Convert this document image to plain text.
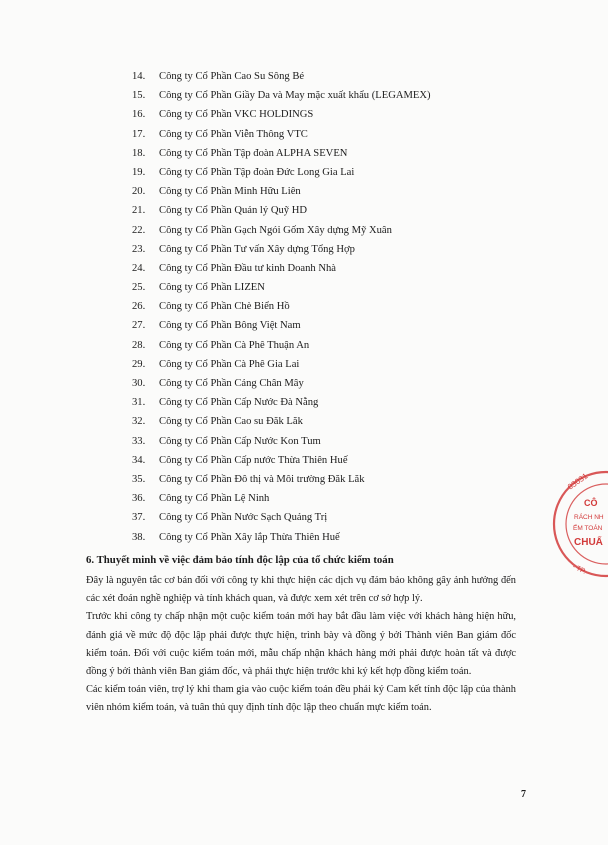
14.	Công ty Cổ Phần Cao Su Sông Bé
15.	Công ty Cổ Phần Giầy Da và May mặc xuất khẩu (LEGAMEX)
16.	Công ty Cổ Phần VKC HOLDINGS
17.	Công ty Cổ Phần Viễn Thông VTC
18.	Công ty Cổ Phần Tập đoàn ALPHA SEVEN
19.	Công ty Cổ Phần Tập đoàn Đức Long Gia Lai
20.	Công ty Cổ Phần Minh Hữu Liên
21.	Công ty Cổ Phần Quản lý Quỹ HD
22.	Công ty Cổ Phần Gạch Ngói Gốm Xây dựng Mỹ Xuân
23.	Công ty Cổ Phần Tư vấn Xây dựng Tổng Hợp
24.	Công ty Cổ Phần Đầu tư kinh Doanh Nhà
25.	Công ty Cổ Phần LIZEN
26.	Công ty Cổ Phần Chè Biển Hồ
27.	Công ty Cổ Phần Bông Việt Nam
28.	Công ty Cổ Phần Cà Phê Thuận An
29.	Công ty Cổ Phần Cà Phê Gia Lai
30.	Công ty Cổ Phần Cảng Chân Mây
31.	Công ty Cổ Phần Cấp Nước Đà Nẵng
32.	Công ty Cổ Phần Cao su Đăk Lăk
33.	Công ty Cổ Phần Cấp Nước Kon Tum
34.	Công ty Cổ Phần Cấp nước Thừa Thiên Huế
35.	Công ty Cổ Phần Đô thị và Môi trường Đăk Lăk
36.	Công ty Cổ Phần Lệ Ninh
37.	Công ty Cổ Phần Nước Sạch Quảng Trị
38.	Công ty Cổ Phần Xây lắp Thừa Thiên Huế

6. Thuyết minh về việc đảm bảo tính độc lập của tổ chức kiểm toán

Đây là nguyên tắc cơ bản đối với công ty khi thực hiện các dịch vụ đảm bảo không gây ảnh hưởng đến các xét đoán nghề nghiệp và tính khách quan, và được xem xét trên cơ sở hợp lý.

Trước khi công ty chấp nhận một cuộc kiểm toán mới hay bắt đầu làm việc với khách hàng hiện hữu, đánh giá về mức độ độc lập phải được thực hiện, trình bày và đồng ý bởi Thành viên Ban giám đốc kiểm toán. Đối với cuộc kiểm toán mới, mẫu chấp nhận khách hàng mới phải được hoàn tất và được đồng ý bởi thành viên Ban giám đốc, và phải thực hiện trước khi ký kết hợp đồng kiểm toán.

Các kiểm toán viên, trợ lý khi tham gia vào cuộc kiểm toán đều phải ký Cam kết tính độc lập của thành viên nhóm kiểm toán, và tuân thủ quy định tính độc lập theo chuẩn mực kiểm toán.

7
03031
CÔ
RÁCH NH
ẾM TOÁN
CHUẨ
- TP.
